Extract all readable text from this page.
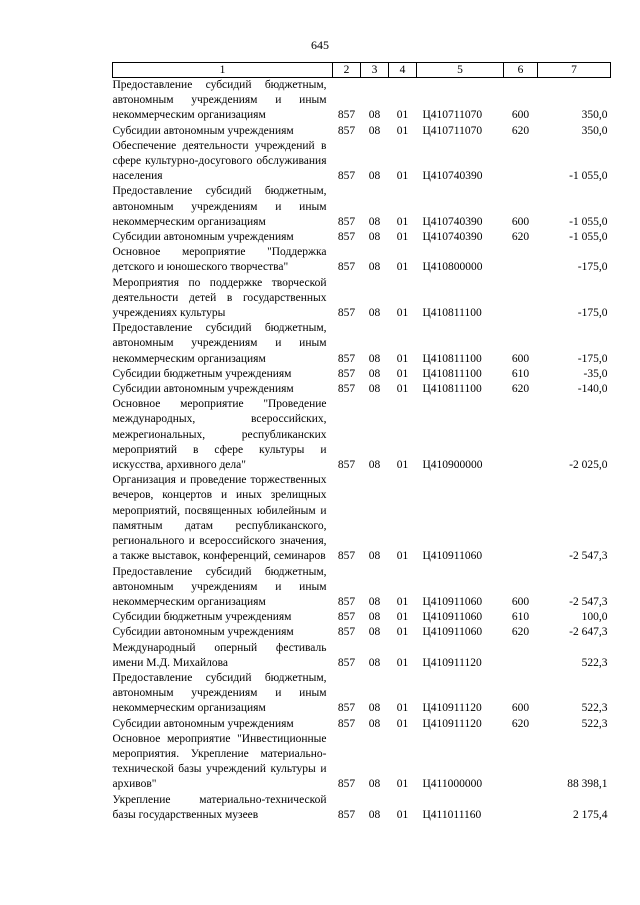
645
1	2	3	4	5	6	7
Предоставление субсидий бюджетным, автономным учреждениям и иным некоммерческим организациям	857	08	01	Ц410711070	600	350,0
Субсидии автономным учреждениям	857	08	01	Ц410711070	620	350,0
Обеспечение деятельности учреждений в сфере культурно-досугового обслуживания населения	857	08	01	Ц410740390		-1 055,0
Предоставление субсидий бюджетным, автономным учреждениям и иным некоммерческим организациям	857	08	01	Ц410740390	600	-1 055,0
Субсидии автономным учреждениям	857	08	01	Ц410740390	620	-1 055,0
Основное мероприятие "Поддержка детского и юношеского творчества"	857	08	01	Ц410800000		-175,0
Мероприятия по поддержке творческой деятельности детей в государственных учреждениях культуры	857	08	01	Ц410811100		-175,0
Предоставление субсидий бюджетным, автономным учреждениям и иным некоммерческим организациям	857	08	01	Ц410811100	600	-175,0
Субсидии бюджетным учреждениям	857	08	01	Ц410811100	610	-35,0
Субсидии автономным учреждениям	857	08	01	Ц410811100	620	-140,0
Основное мероприятие "Проведение международных, всероссийских, межрегиональных, республиканских мероприятий в сфере культуры и искусства, архивного дела"	857	08	01	Ц410900000		-2 025,0
Организация и проведение торжественных вечеров, концертов и иных зрелищных мероприятий, посвященных юбилейным и памятным датам республиканского, регионального и всероссийского значения, а также выставок, конференций, семинаров	857	08	01	Ц410911060		-2 547,3
Предоставление субсидий бюджетным, автономным учреждениям и иным некоммерческим организациям	857	08	01	Ц410911060	600	-2 547,3
Субсидии бюджетным учреждениям	857	08	01	Ц410911060	610	100,0
Субсидии автономным учреждениям	857	08	01	Ц410911060	620	-2 647,3
Международный оперный фестиваль имени М.Д. Михайлова	857	08	01	Ц410911120		522,3
Предоставление субсидий бюджетным, автономным учреждениям и иным некоммерческим организациям	857	08	01	Ц410911120	600	522,3
Субсидии автономным учреждениям	857	08	01	Ц410911120	620	522,3
Основное мероприятие "Инвестиционные мероприятия. Укрепление материально-технической базы учреждений культуры и архивов"	857	08	01	Ц411000000		88 398,1
Укрепление материально-технической базы государственных музеев	857	08	01	Ц411011160		2 175,4
